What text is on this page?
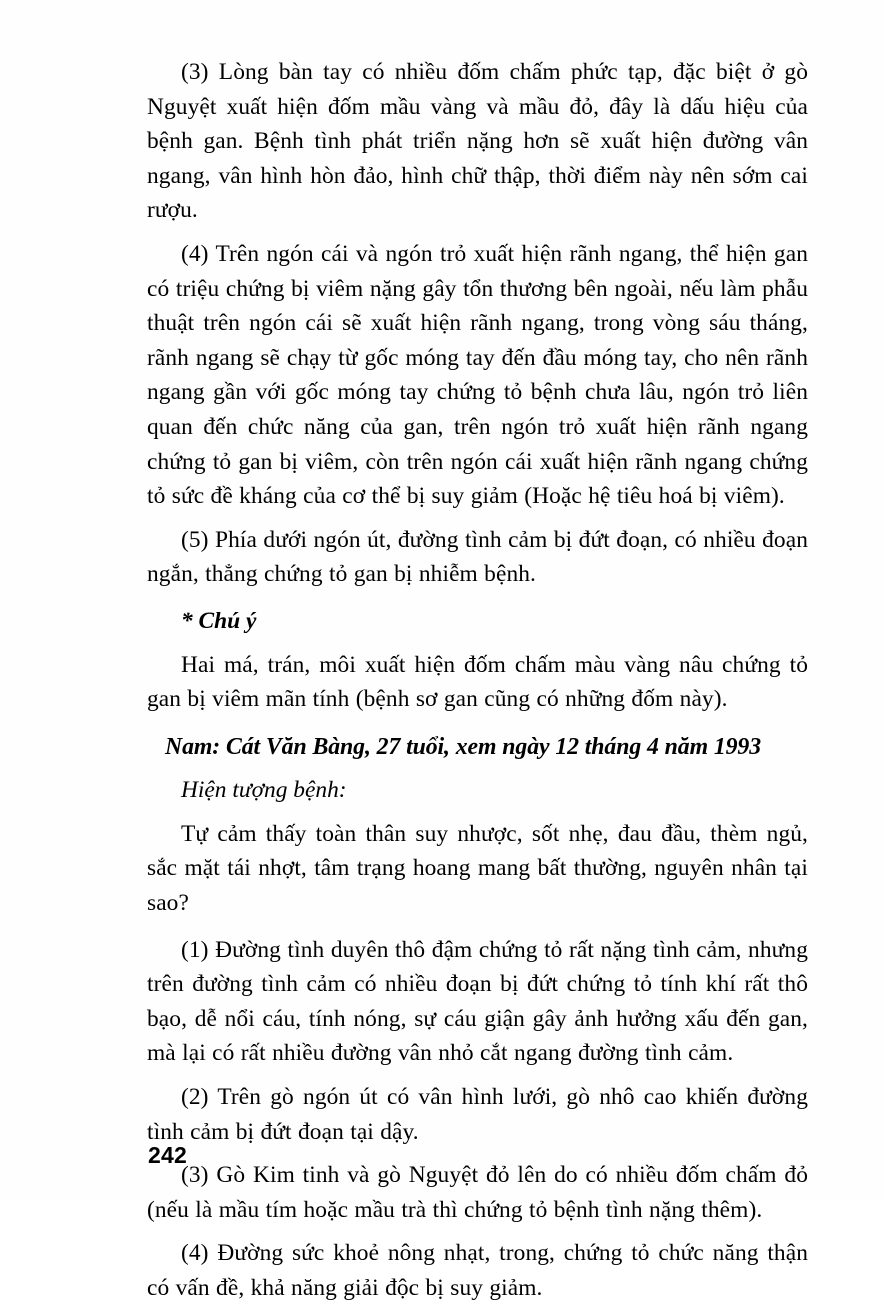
(3) Lòng bàn tay có nhiều đốm chấm phức tạp, đặc biệt ở gò Nguyệt xuất hiện đốm mầu vàng và mầu đỏ, đây là dấu hiệu của bệnh gan. Bệnh tình phát triển nặng hơn sẽ xuất hiện đường vân ngang, vân hình hòn đảo, hình chữ thập, thời điểm này nên sớm cai rượu.

(4) Trên ngón cái và ngón trỏ xuất hiện rãnh ngang, thể hiện gan có triệu chứng bị viêm nặng gây tổn thương bên ngoài, nếu làm phẫu thuật trên ngón cái sẽ xuất hiện rãnh ngang, trong vòng sáu tháng, rãnh ngang sẽ chạy từ gốc móng tay đến đầu móng tay, cho nên rãnh ngang gần với gốc móng tay chứng tỏ bệnh chưa lâu, ngón trỏ liên quan đến chức năng của gan, trên ngón trỏ xuất hiện rãnh ngang chứng tỏ gan bị viêm, còn trên ngón cái xuất hiện rãnh ngang chứng tỏ sức đề kháng của cơ thể bị suy giảm (Hoặc hệ tiêu hoá bị viêm).

(5) Phía dưới ngón út, đường tình cảm bị đứt đoạn, có nhiều đoạn ngắn, thẳng chứng tỏ gan bị nhiễm bệnh.

* Chú ý

Hai má, trán, môi xuất hiện đốm chấm màu vàng nâu chứng tỏ gan bị viêm mãn tính (bệnh sơ gan cũng có những đốm này).

Nam: Cát Văn Bàng, 27 tuổi, xem ngày 12 tháng 4 năm 1993

Hiện tượng bệnh:

Tự cảm thấy toàn thân suy nhược, sốt nhẹ, đau đầu, thèm ngủ, sắc mặt tái nhợt, tâm trạng hoang mang bất thường, nguyên nhân tại sao?

(1) Đường tình duyên thô đậm chứng tỏ rất nặng tình cảm, nhưng trên đường tình cảm có nhiều đoạn bị đứt chứng tỏ tính khí rất thô bạo, dễ nổi cáu, tính nóng, sự cáu giận gây ảnh hưởng xấu đến gan, mà lại có rất nhiều đường vân nhỏ cắt ngang đường tình cảm.

(2) Trên gò ngón út có vân hình lưới, gò nhô cao khiến đường tình cảm bị đứt đoạn tại dậy.

(3) Gò Kim tinh và gò Nguyệt đỏ lên do có nhiều đốm chấm đỏ (nếu là mầu tím hoặc mầu trà thì chứng tỏ bệnh tình nặng thêm).

(4) Đường sức khoẻ nông nhạt, trong, chứng tỏ chức năng thận có vấn đề, khả năng giải độc bị suy giảm.

242
